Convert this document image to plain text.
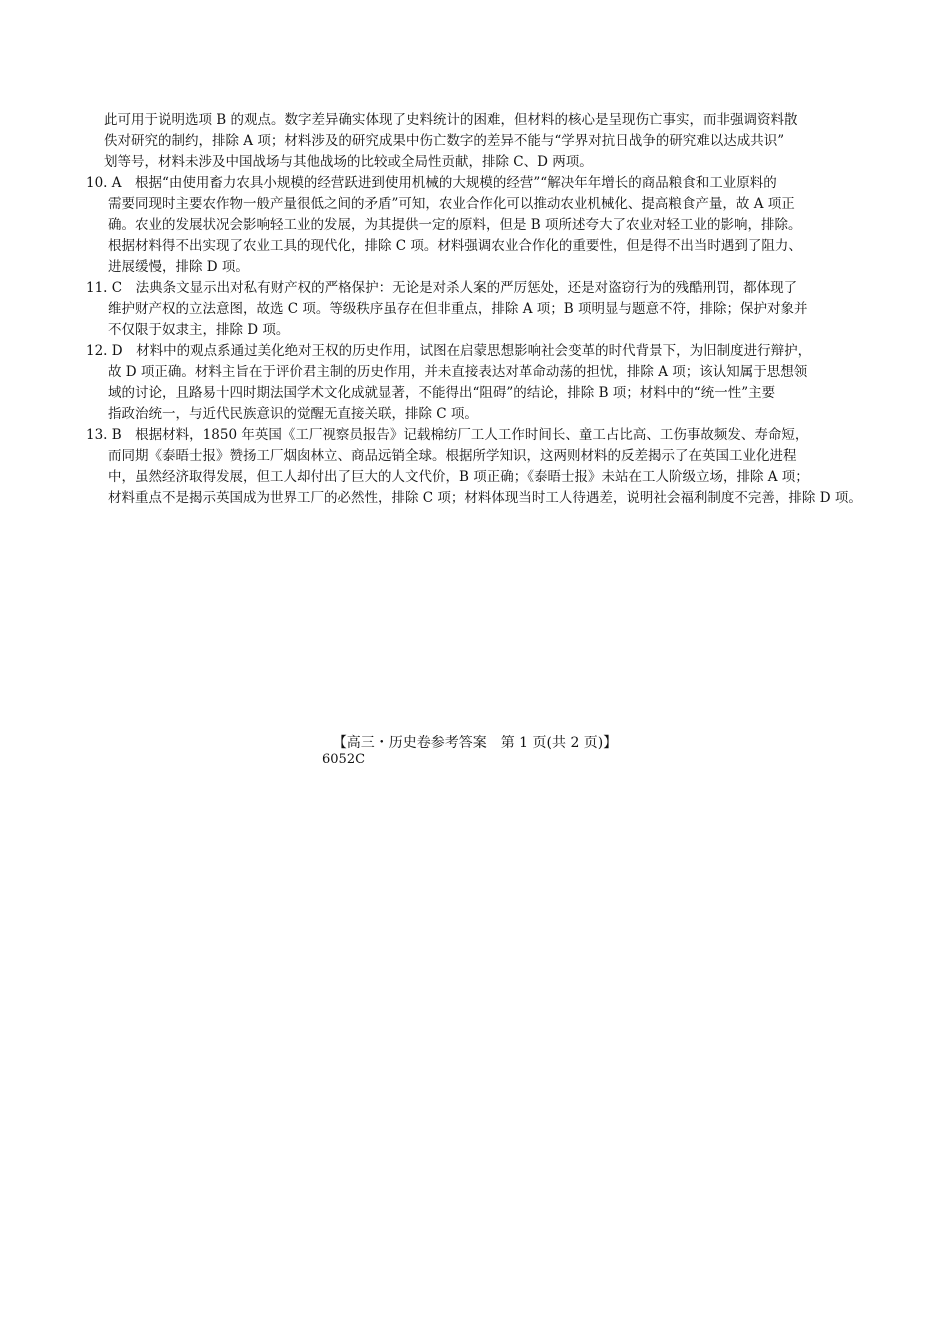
此可用于说明选项 B 的观点。数字差异确实体现了史料统计的困难，但材料的核心是呈现伤亡事实，而非强调资料散
佚对研究的制约，排除 A 项；材料涉及的研究成果中伤亡数字的差异不能与“学界对抗日战争的研究难以达成共识”
划等号，材料未涉及中国战场与其他战场的比较或全局性贡献，排除 C、D 两项。
10. A　根据“由使用畜力农具小规模的经营跃进到使用机械的大规模的经营”“解决年年增长的商品粮食和工业原料的
需要同现时主要农作物一般产量很低之间的矛盾”可知，农业合作化可以推动农业机械化、提高粮食产量，故 A 项正
确。农业的发展状况会影响轻工业的发展，为其提供一定的原料，但是 B 项所述夸大了农业对轻工业的影响，排除。
根据材料得不出实现了农业工具的现代化，排除 C 项。材料强调农业合作化的重要性，但是得不出当时遇到了阻力、
进展缓慢，排除 D 项。
11. C　法典条文显示出对私有财产权的严格保护：无论是对杀人案的严厉惩处，还是对盗窃行为的残酷刑罚，都体现了
维护财产权的立法意图，故选 C 项。等级秩序虽存在但非重点，排除 A 项；B 项明显与题意不符，排除；保护对象并
不仅限于奴隶主，排除 D 项。
12. D　材料中的观点系通过美化绝对王权的历史作用，试图在启蒙思想影响社会变革的时代背景下，为旧制度进行辩护，
故 D 项正确。材料主旨在于评价君主制的历史作用，并未直接表达对革命动荡的担忧，排除 A 项；该认知属于思想领
域的讨论，且路易十四时期法国学术文化成就显著，不能得出“阻碍”的结论，排除 B 项；材料中的“统一性”主要
指政治统一，与近代民族意识的觉醒无直接关联，排除 C 项。
13. B　根据材料，1850 年英国《工厂视察员报告》记载棉纺厂工人工作时间长、童工占比高、工伤事故频发、寿命短，
而同期《泰晤士报》赞扬工厂烟囱林立、商品远销全球。根据所学知识，这两则材料的反差揭示了在英国工业化进程
中，虽然经济取得发展，但工人却付出了巨大的人文代价，B 项正确；《泰晤士报》未站在工人阶级立场，排除 A 项；
材料重点不是揭示英国成为世界工厂的必然性，排除 C 项；材料体现当时工人待遇差，说明社会福利制度不完善，排除 D 项。
【高三・历史卷参考答案　第 1 页(共 2 页)】
6052C
